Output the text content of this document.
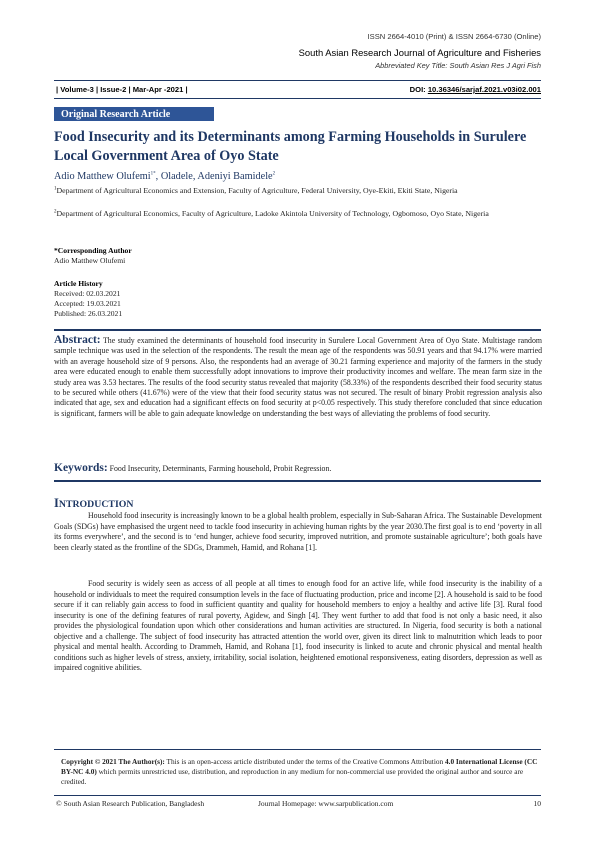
ISSN 2664-4010 (Print) & ISSN 2664-6730 (Online)
South Asian Research Journal of Agriculture and Fisheries
Abbreviated Key Title: South Asian Res J Agri Fish
| Volume-3 | Issue-2 | Mar-Apr -2021 |	DOI: 10.36346/sarjaf.2021.v03i02.001
Original Research Article
Food Insecurity and its Determinants among Farming Households in Surulere Local Government Area of Oyo State
Adio Matthew Olufemi$^{1*}$, Oladele, Adeniyi Bamidele$^2$
$^1$Department of Agricultural Economics and Extension, Faculty of Agriculture, Federal University, Oye-Ekiti, Ekiti State, Nigeria
$^2$Department of Agricultural Economics, Faculty of Agriculture, Ladoke Akintola University of Technology, Ogbomoso, Oyo State, Nigeria
*Corresponding Author
Adio Matthew Olufemi
Article History
Received: 02.03.2021
Accepted: 19.03.2021
Published: 26.03.2021
Abstract: The study examined the determinants of household food insecurity in Surulere Local Government Area of Oyo State. Multistage random sample technique was used in the selection of the respondents. The result the mean age of the respondents was 50.91 years and that 94.17% were married with an average household size of 9 persons. Also, the respondents had an average of 30.21 farming experience and majority of the farmers in the study area were educated enough to enable them successfully adopt innovations to improve their productivity incomes and welfare. The mean farm size in the study area was 3.53 hectares. The results of the food security status revealed that majority (58.33%) of the respondents described their food security status to be secured while others (41.67%) were of the view that their food security status was not secured. The result of binary Probit regression analysis also indicated that age, sex and education had a significant effects on food security at p<0.05 respectively. This study therefore concluded that since education is significant, farmers will be able to gain adequate knowledge on understanding the best ways of alleviating the problems of food security.
Keywords: Food Insecurity, Determinants, Farming household, Probit Regression.
INTRODUCTION
Household food insecurity is increasingly known to be a global health problem, especially in Sub-Saharan Africa. The Sustainable Development Goals (SDGs) have emphasised the urgent need to tackle food insecurity in achieving human rights by the year 2030.The first goal is to end ‘poverty in all its forms everywhere’, and the second is to ‘end hunger, achieve food security, improved nutrition, and promote sustainable agriculture’; both goals have been clearly stated as the frontline of the SDGs, Drammeh, Hamid, and Rohana [1].
Food security is widely seen as access of all people at all times to enough food for an active life, while food insecurity is the inability of a household or individuals to meet the required consumption levels in the face of fluctuating production, price and income [2]. A household is said to be food secure if it can reliably gain access to food in sufficient quantity and quality for household members to enjoy a healthy and active life [3]. Rural food insecurity is one of the defining features of rural poverty, Agidew, and Singh [4]. They went further to add that food is not only a basic need, it also provides the physiological foundation upon which other considerations and human activities are structured. In Nigeria, food security is both a national objective and a challenge. The subject of food insecurity has attracted attention the world over, given its direct link to malnutrition which leads to poor physical and mental health. According to Drammeh, Hamid, and Rohana [1], food insecurity is linked to acute and chronic physical and mental health conditions such as higher levels of stress, anxiety, irritability, social isolation, heightened emotional responsiveness, eating disorders, depression as well as impaired cognitive abilities.
Copyright © 2021 The Author(s): This is an open-access article distributed under the terms of the Creative Commons Attribution 4.0 International License (CC BY-NC 4.0) which permits unrestricted use, distribution, and reproduction in any medium for non-commercial use provided the original author and source are credited.
© South Asian Research Publication, Bangladesh	Journal Homepage: www.sarpublication.com	10
